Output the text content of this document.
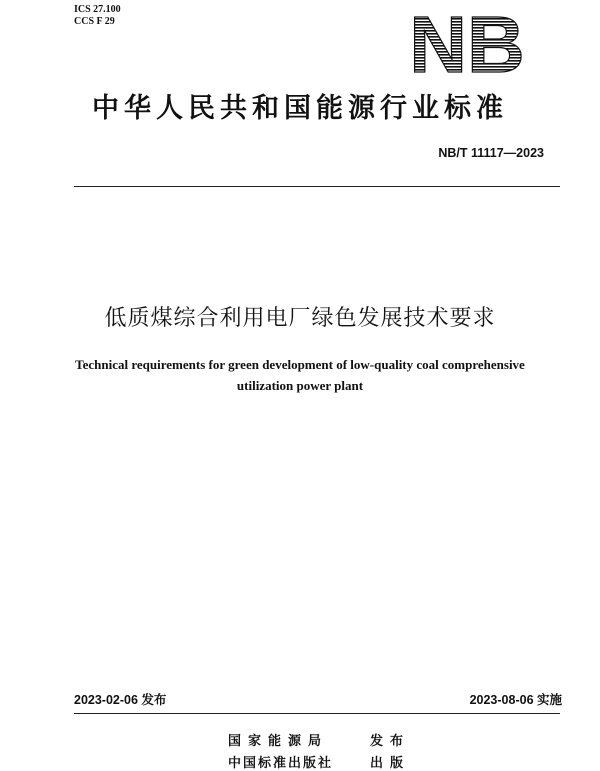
ICS 27.100
CCS F 29	NB
中华人民共和国能源行业标准
NB/T 11117—2023
低质煤综合利用电厂绿色发展技术要求
Technical requirements for green development of low-quality coal comprehensive
utilization power plant
2023-02-06 发布	2023-08-06 实施
国家能源局	发布
中国标准出版社	出版
